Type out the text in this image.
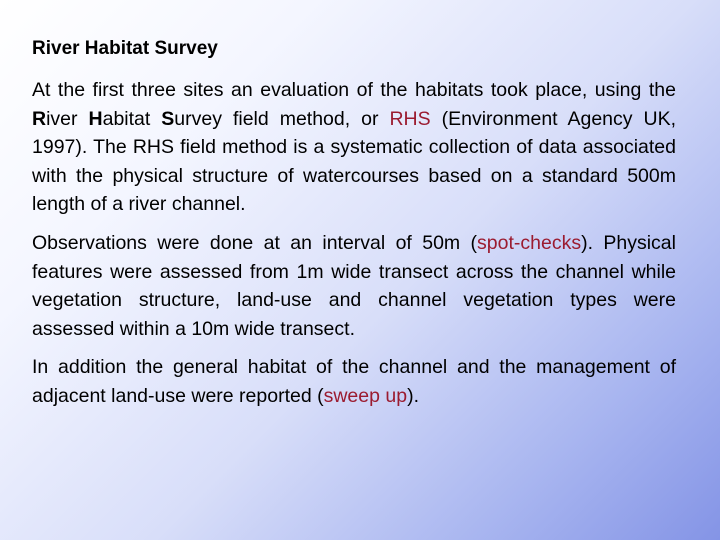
River Habitat Survey

At the first three sites an evaluation of the habitats took place, using the River Habitat Survey field method, or RHS (Environment Agency UK, 1997). The RHS field method is a systematic collection of data associated with the physical structure of watercourses based on a standard 500m length of a river channel.

Observations were done at an interval of 50m (spot-checks). Physical features were assessed from 1m wide transect across the channel while vegetation structure, land-use and channel vegetation types were assessed within a 10m wide transect.

In addition the general habitat of the channel and the management of adjacent land-use were reported (sweep up).
